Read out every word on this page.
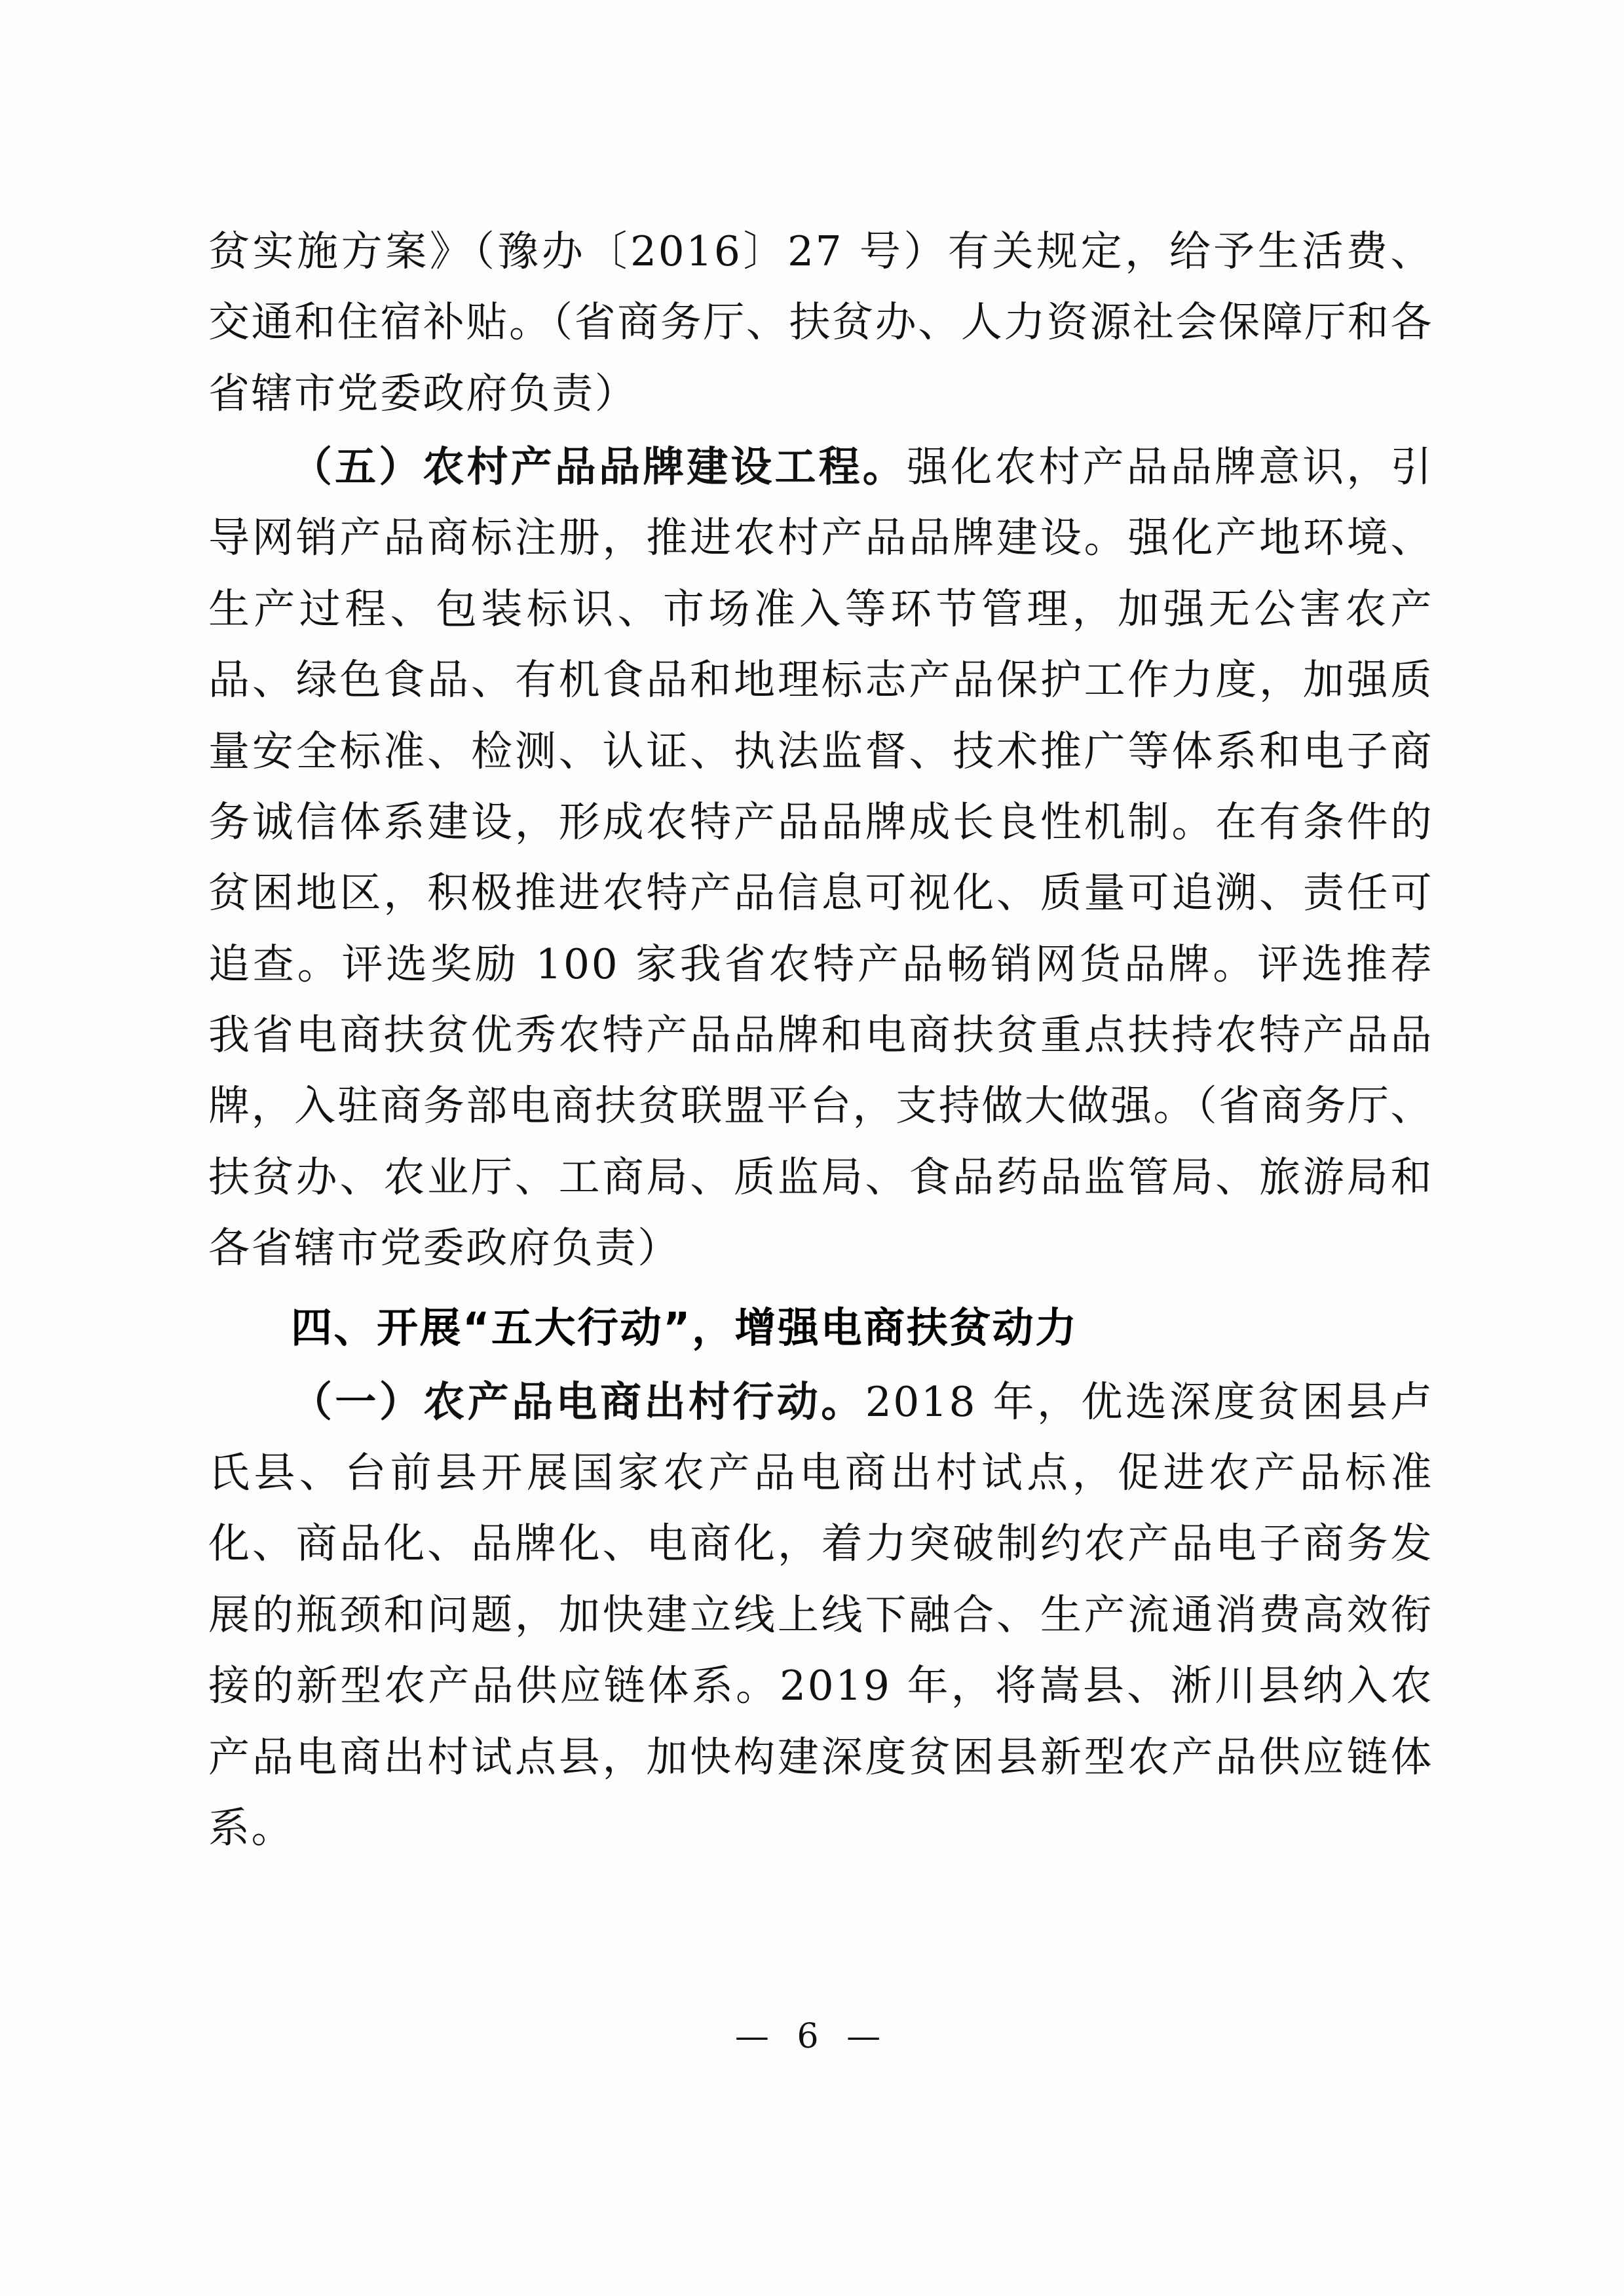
贫实施方案》（豫办〔2016〕27 号）有关规定，给予生活费、交通和住宿补贴。（省商务厅、扶贫办、人力资源社会保障厅和各省辖市党委政府负责）

（五）农村产品品牌建设工程。强化农村产品品牌意识，引导网销产品商标注册，推进农村产品品牌建设。强化产地环境、生产过程、包装标识、市场准入等环节管理，加强无公害农产品、绿色食品、有机食品和地理标志产品保护工作力度，加强质量安全标准、检测、认证、执法监督、技术推广等体系和电子商务诚信体系建设，形成农特产品品牌成长良性机制。在有条件的贫困地区，积极推进农特产品信息可视化、质量可追溯、责任可追查。评选奖励 100 家我省农特产品畅销网货品牌。评选推荐我省电商扶贫优秀农特产品品牌和电商扶贫重点扶持农特产品品牌，入驻商务部电商扶贫联盟平台，支持做大做强。（省商务厅、扶贫办、农业厅、工商局、质监局、食品药品监管局、旅游局和各省辖市党委政府负责）

四、开展“五大行动”，增强电商扶贫动力

（一）农产品电商出村行动。2018 年，优选深度贫困县卢氏县、台前县开展国家农产品电商出村试点，促进农产品标准化、商品化、品牌化、电商化，着力突破制约农产品电子商务发展的瓶颈和问题，加快建立线上线下融合、生产流通消费高效衔接的新型农产品供应链体系。2019 年，将嵩县、淅川县纳入农产品电商出村试点县，加快构建深度贫困县新型农产品供应链体系。

— 6 —
